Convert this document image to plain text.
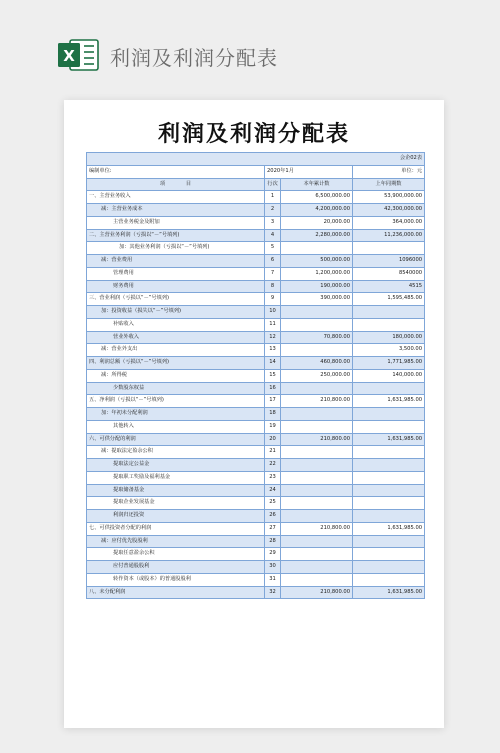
X 利润及利润分配表
利润及利润分配表
会企02表			
编制单位:	2020年1月		单位：元
项　　　　目	行次	本年累计数	上年同期数
一、主营业务收入	1	6,500,000.00	53,900,000.00
减：主营业务成本	2	4,200,000.00	42,300,000.00
主营业务税金及附加	3	20,000.00	364,000.00
二、主营业务利润（亏损以“－”号填列)	4	2,280,000.00	11,236,000.00
加：其他业务利润（亏损以“－”号填列)	5		
减：营业费用	6	500,000.00	1096000
管理费用	7	1,200,000.00	8540000
财务费用	8	190,000.00	4515
三、营业利润（亏损以“－”号填列)	9	390,000.00	1,595,485.00
加：投资收益（损失以“－”号填列)	10		
补贴收入	11		
营业外收入	12	70,800.00	180,000.00
减：营业外支出	13		3,500.00
四、利润总额（亏损以“－”号填列)	14	460,800.00	1,771,985.00
减：所得税	15	250,000.00	140,000.00
少数股东权益	16		
五、净利润（亏损以“－”号填列)	17	210,800.00	1,631,985.00
加：年初未分配利润	18		
其他转入	19		
六、可供分配的利润	20	210,800.00	1,631,985.00
减：提取法定盈余公积	21		
提取法定公益金	22		
提取职工奖励及福利基金	23		
提取储备基金	24		
提取企业发展基金	25		
利润归还投资	26		
七、可供投资者分配的利润	27	210,800.00	1,631,985.00
减：应付优先股股利	28		
提取任意盈余公积	29		
应付普通股股利	30		
转作资本（或股本）的普通股股利	31		
八、未分配利润	32	210,800.00	1,631,985.00
